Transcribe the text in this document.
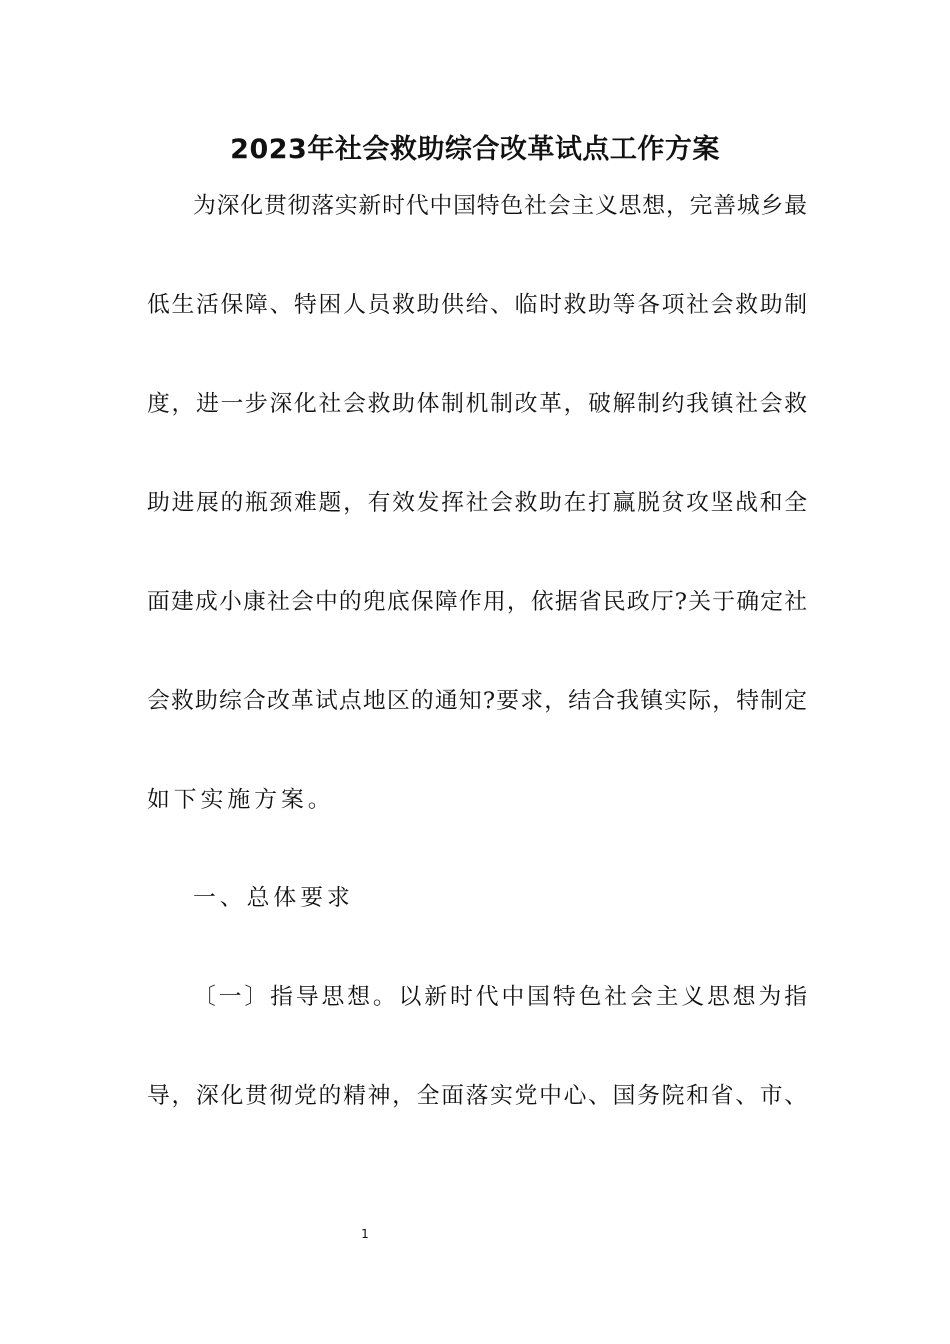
2023年社会救助综合改革试点工作方案
为深化贯彻落实新时代中国特色社会主义思想，完善城乡最
低生活保障、特困人员救助供给、临时救助等各项社会救助制
度，进一步深化社会救助体制机制改革，破解制约我镇社会救
助进展的瓶颈难题，有效发挥社会救助在打赢脱贫攻坚战和全
面建成小康社会中的兜底保障作用，依据省民政厅?关于确定社
会救助综合改革试点地区的通知?要求，结合我镇实际，特制定
如下实施方案。
一、总体要求
〔一〕指导思想。以新时代中国特色社会主义思想为指
导，深化贯彻党的精神，全面落实党中心、国务院和省、市、
1
